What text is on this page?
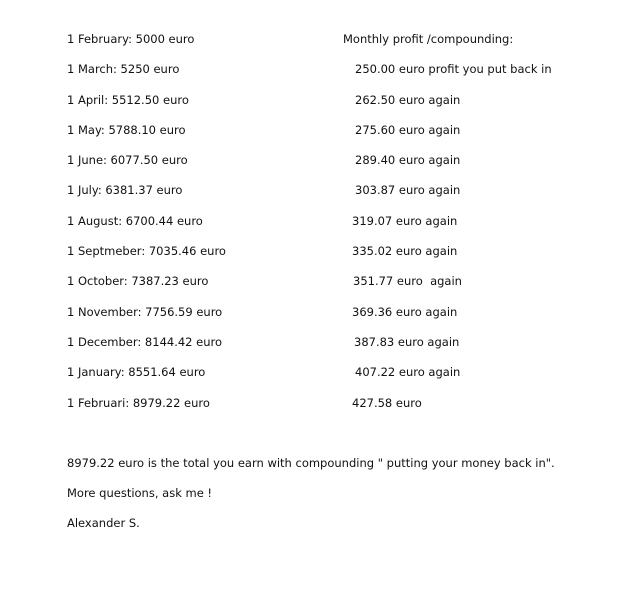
1 February: 5000 euro
1 March: 5250 euro
1 April: 5512.50 euro
1 May: 5788.10 euro
1 June: 6077.50 euro
1 July: 6381.37 euro
1 August: 6700.44 euro
1 Septmeber: 7035.46 euro
1 October: 7387.23 euro
1 November: 7756.59 euro
1 December: 8144.42 euro
1 January: 8551.64 euro
1 Februari: 8979.22 euro
Monthly profit /compounding:
250.00 euro profit you put back in
262.50 euro again
275.60 euro again
289.40 euro again
303.87 euro again
319.07 euro again
335.02 euro again
351.77 euro  again
369.36 euro again
387.83 euro again
407.22 euro again
427.58 euro
8979.22 euro is the total you earn with compounding " putting your money back in".
More questions, ask me !
Alexander S.
